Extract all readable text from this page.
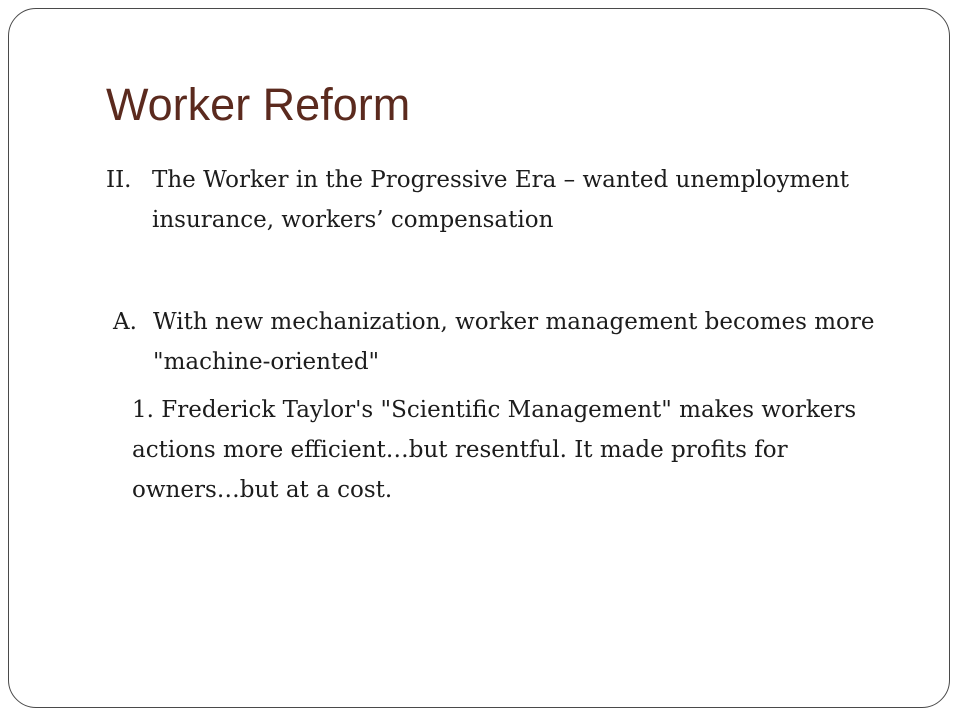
Worker Reform
II. The Worker in the Progressive Era – wanted unemployment insurance, workers’ compensation
A. With new mechanization, worker management becomes more "machine-oriented"
1. Frederick Taylor's "Scientific Management" makes workers actions more efficient…but resentful. It made profits for owners…but at a cost.
